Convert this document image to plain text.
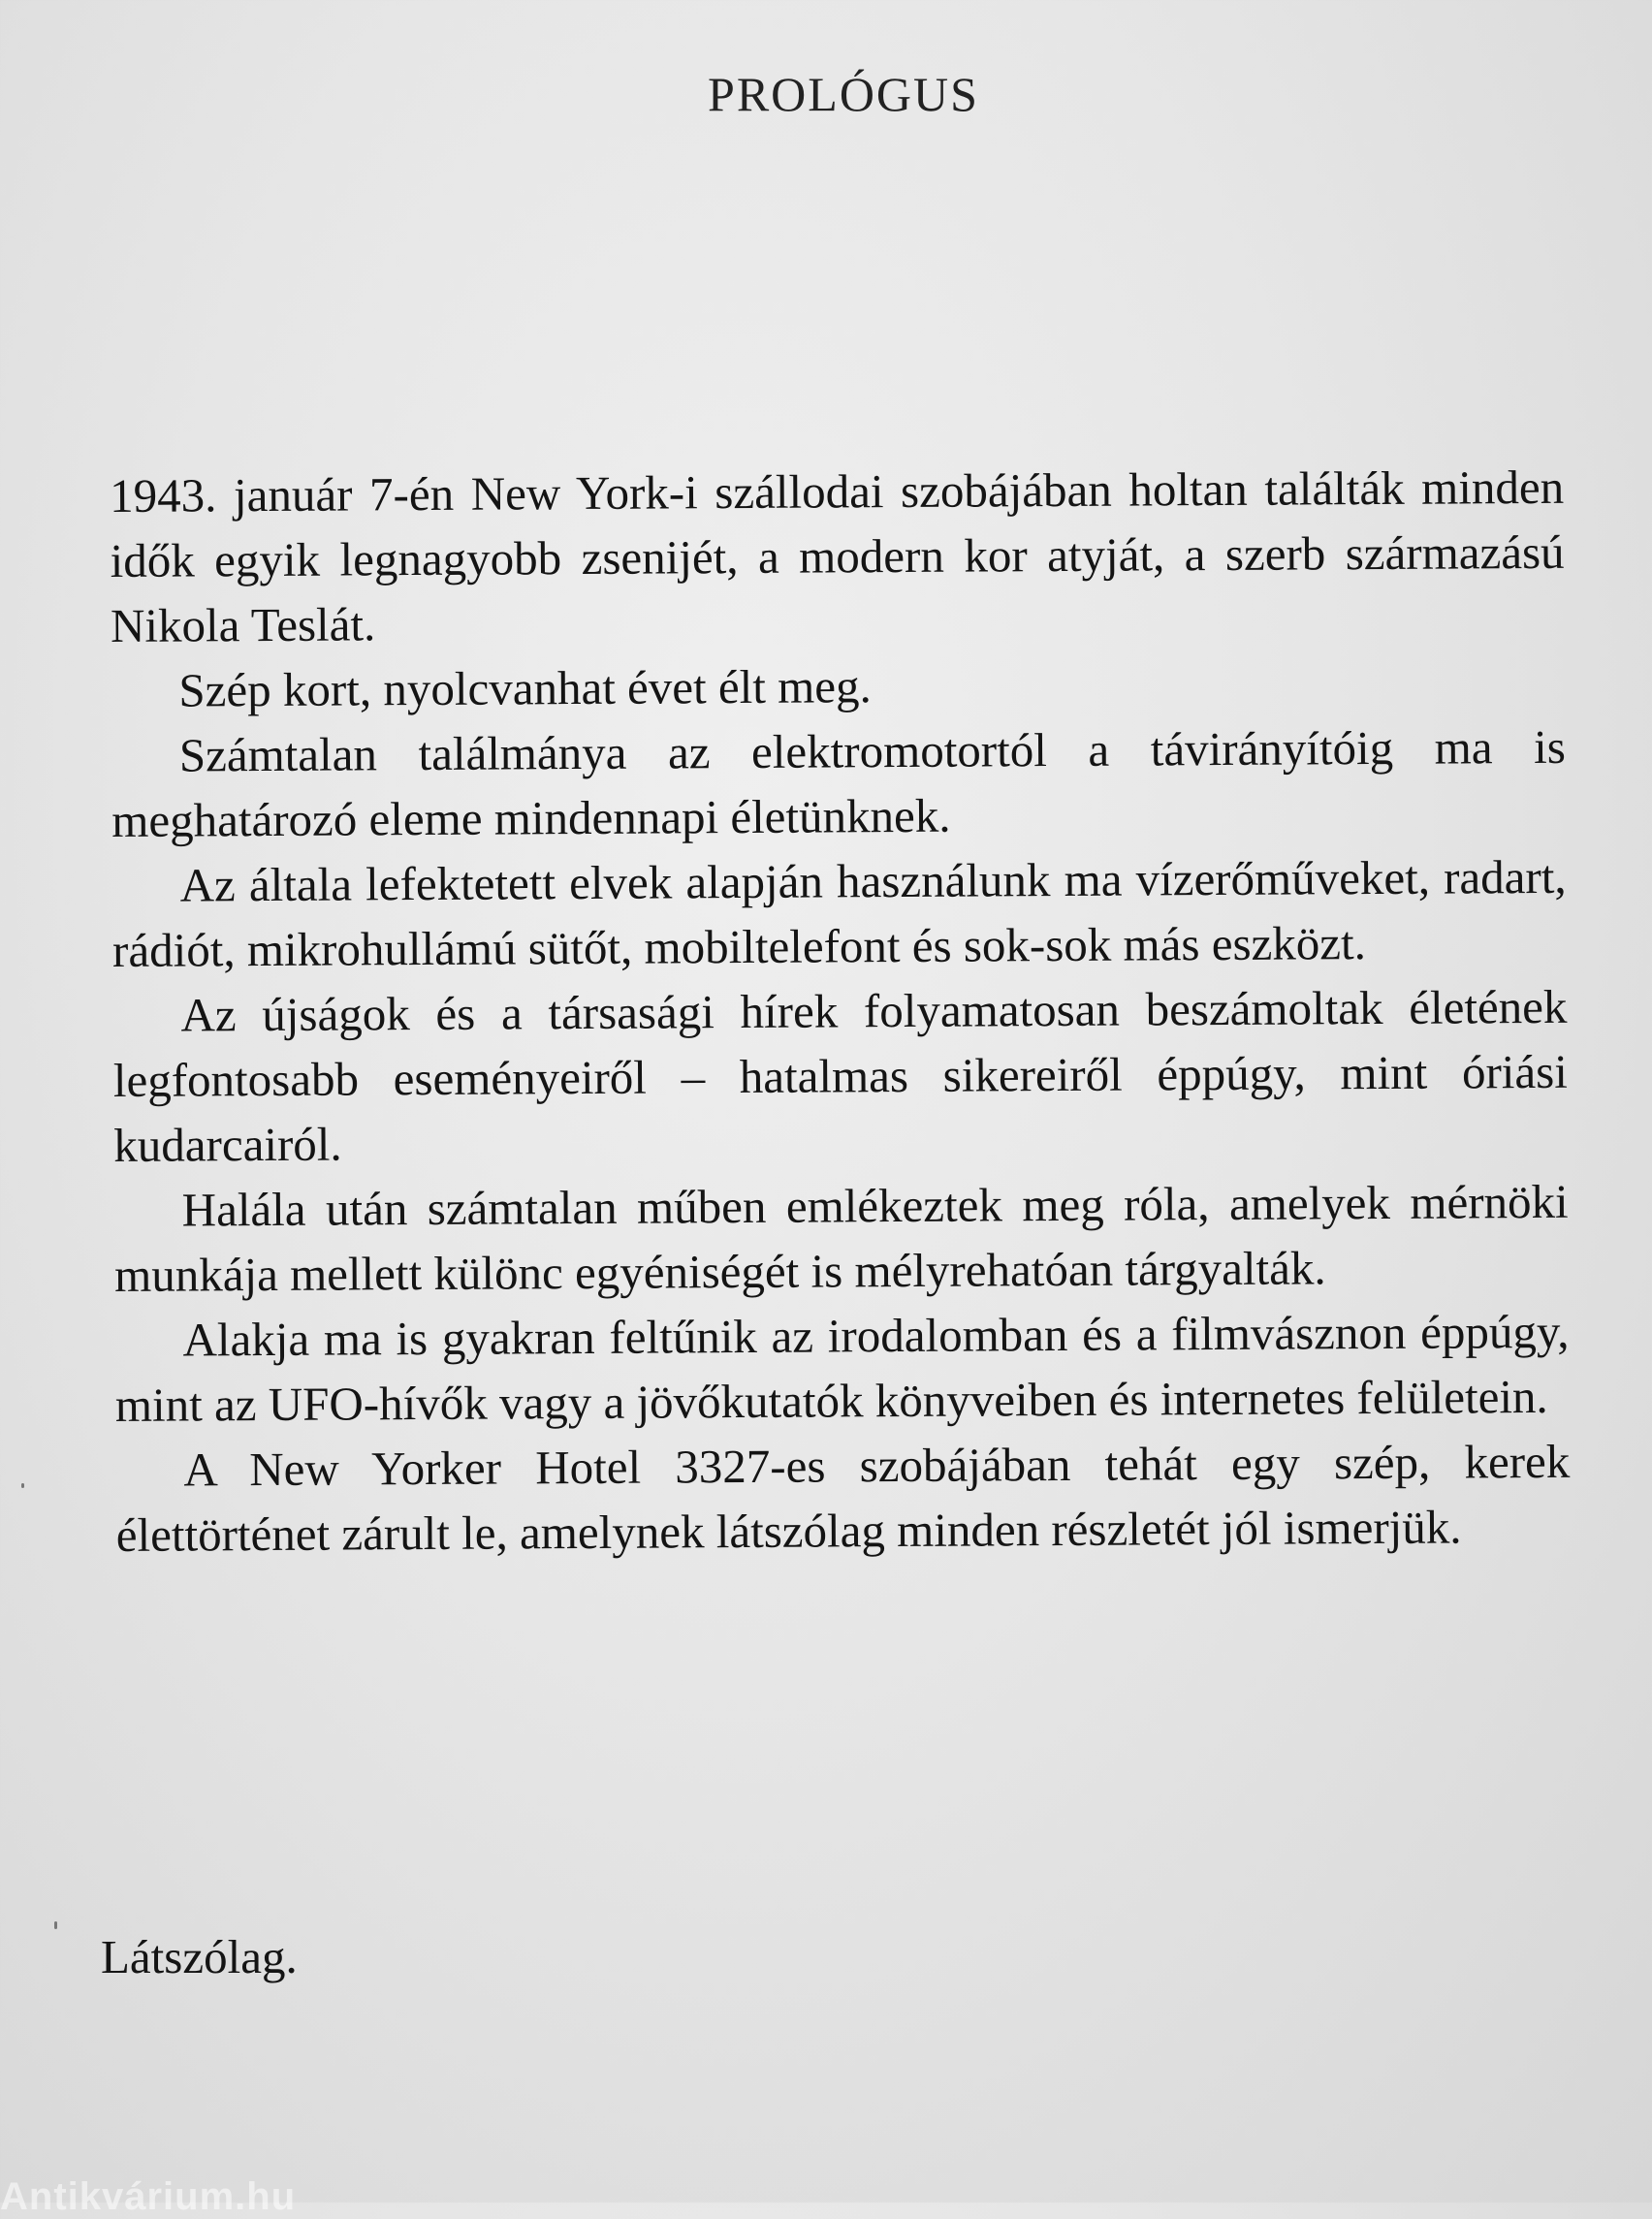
PROLÓGUS

1943. január 7-én New York-i szállodai szobájában holtan találták minden idők egyik legnagyobb zsenijét, a modern kor atyját, a szerb származású Nikola Teslát.

Szép kort, nyolcvanhat évet élt meg.

Számtalan találmánya az elektromotortól a távirányítóig ma is meghatározó eleme mindennapi életünknek.

Az általa lefektetett elvek alapján használunk ma vízerőműveket, radart, rádiót, mikrohullámú sütőt, mobiltelefont és sok-sok más eszközt.

Az újságok és a társasági hírek folyamatosan beszámoltak életének legfontosabb eseményeiről – hatalmas sikereiről éppúgy, mint óriási kudarcairól.

Halála után számtalan műben emlékeztek meg róla, amelyek mérnöki munkája mellett különc egyéniségét is mélyrehatóan tárgyalták.

Alakja ma is gyakran feltűnik az irodalomban és a filmvásznon éppúgy, mint az UFO-hívők vagy a jövőkutatók könyveiben és internetes felületein.

A New Yorker Hotel 3327-es szobájában tehát egy szép, kerek élettörténet zárult le, amelynek látszólag minden részletét jól ismerjük.

Látszólag.
Antikvárium.hu
